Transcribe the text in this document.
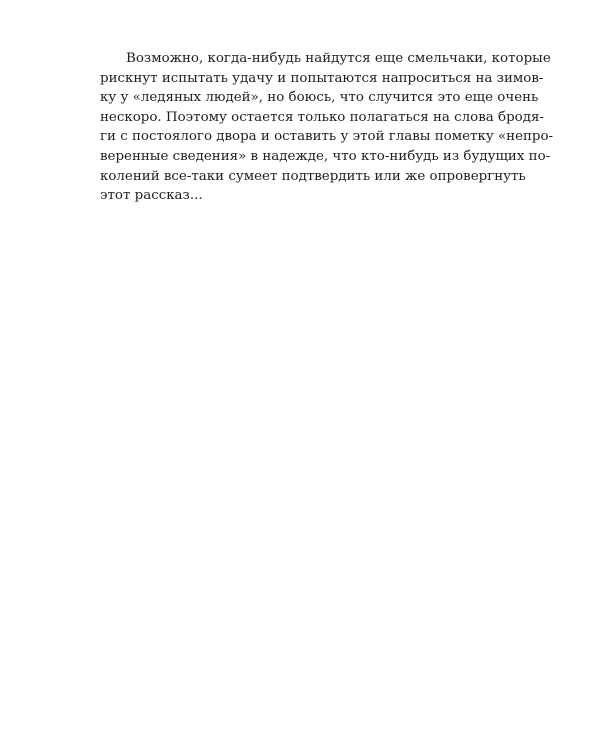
Возможно, когда-нибудь найдутся еще смельчаки, которые
рискнут испытать удачу и попытаются напроситься на зимов-
ку у «ледяных людей», но боюсь, что случится это еще очень
нескоро. Поэтому остается только полагаться на слова бродя-
ги с постоялого двора и оставить у этой главы пометку «непро-
веренные сведения» в надежде, что кто-нибудь из будущих по-
колений все-таки сумеет подтвердить или же опровергнуть
этот рассказ...
